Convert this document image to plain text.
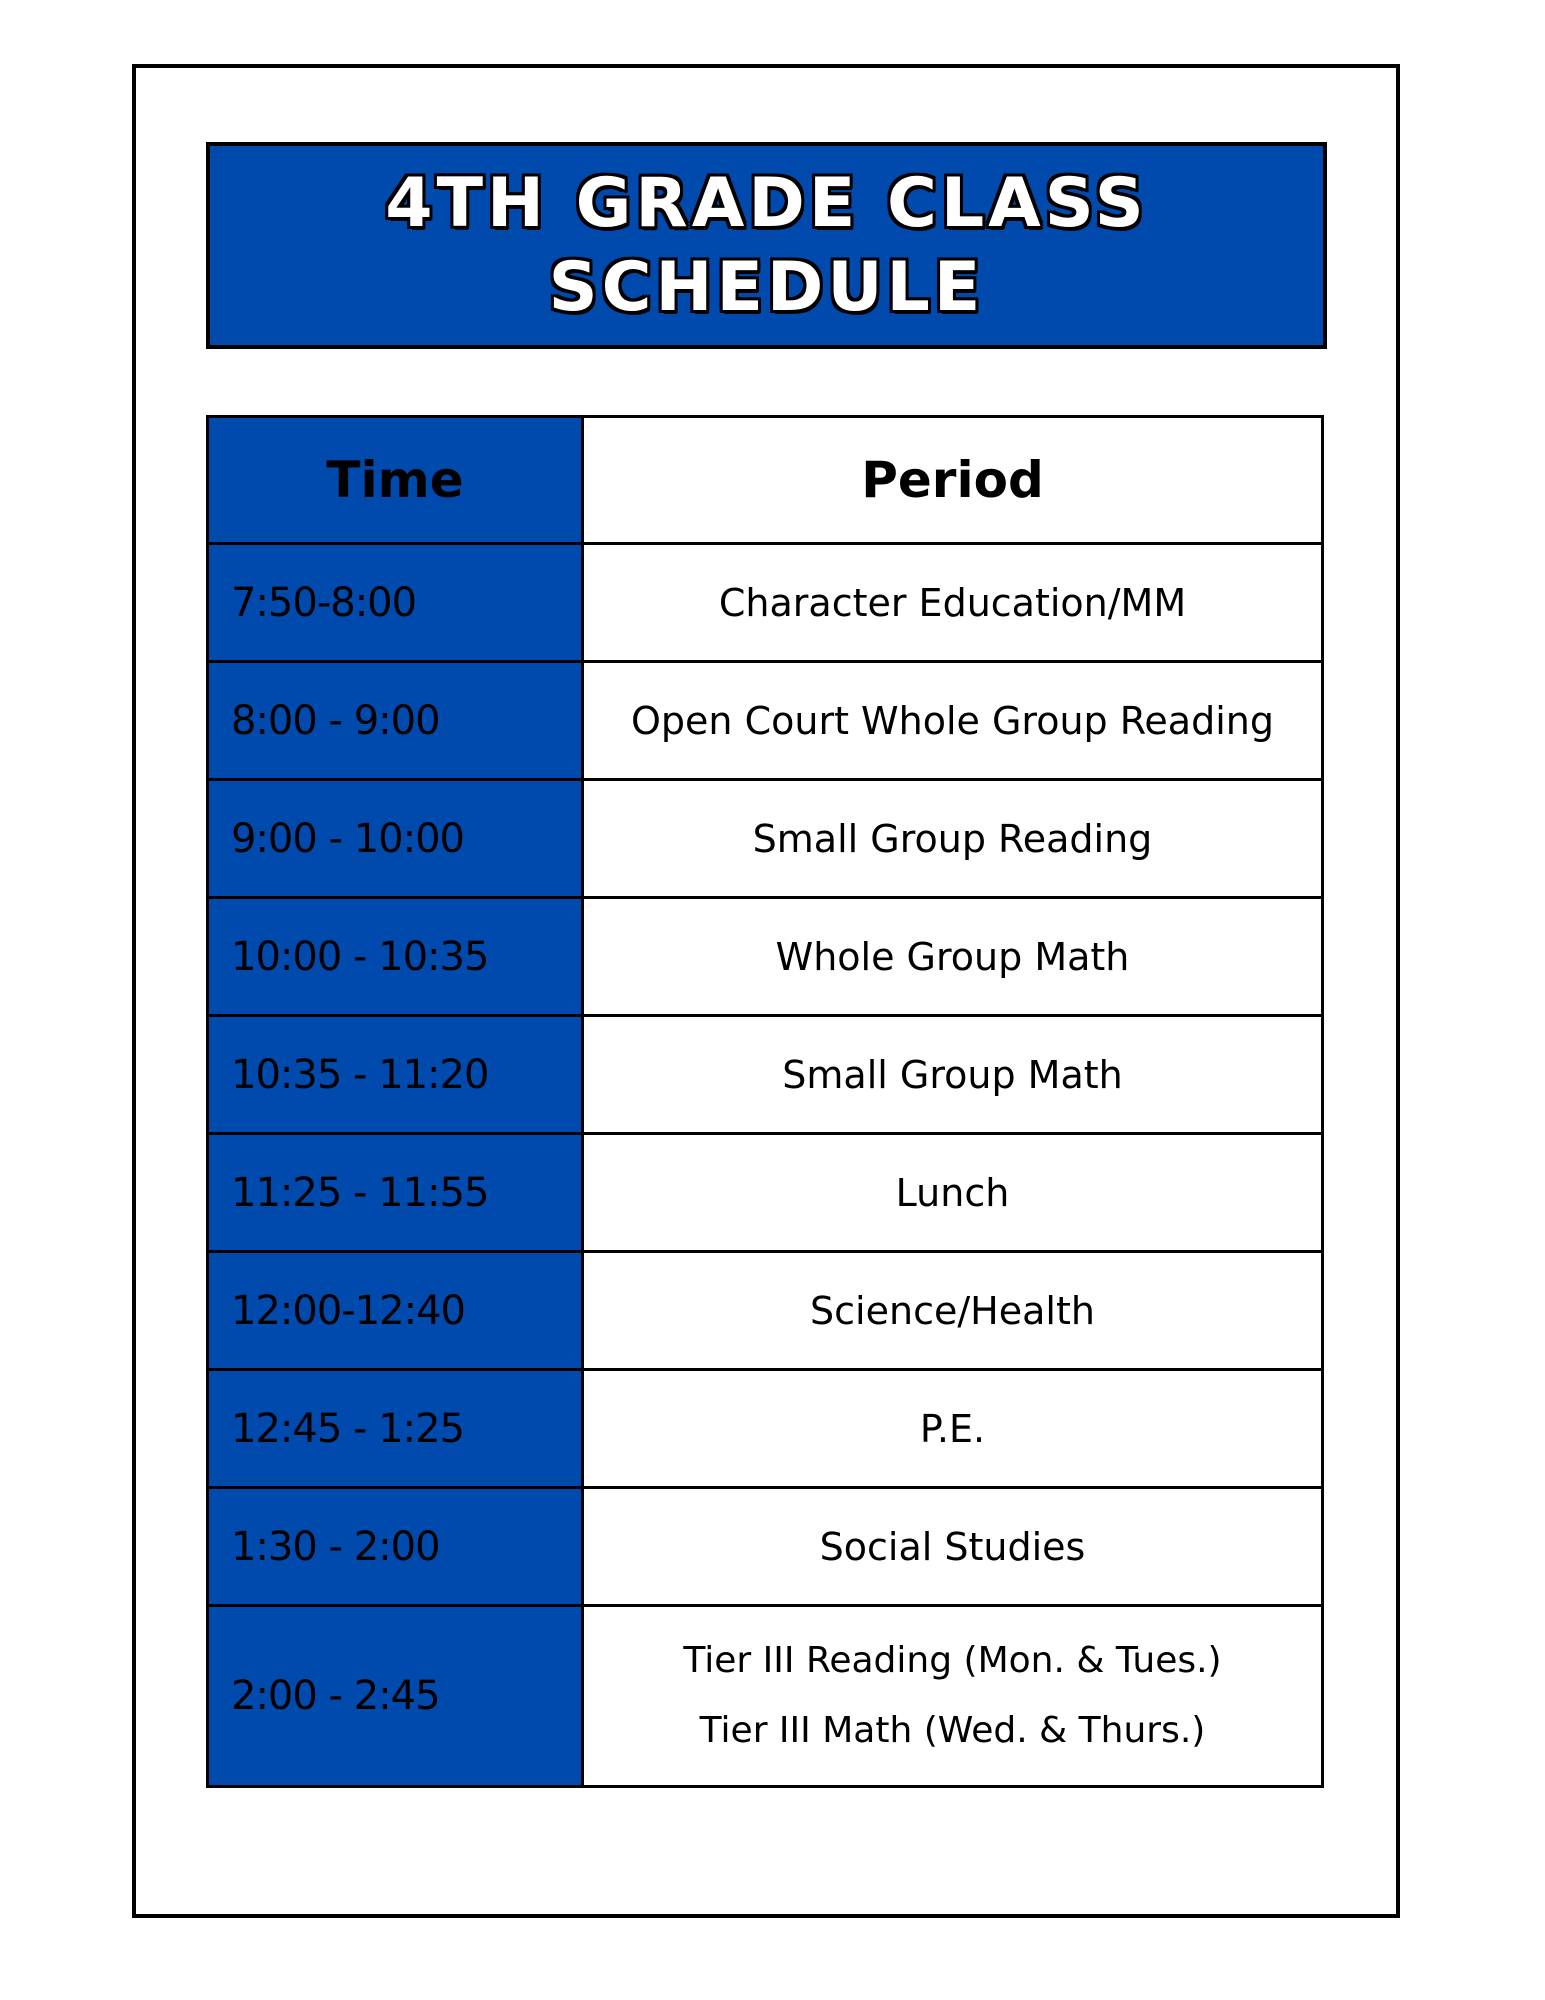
4TH GRADE CLASS
SCHEDULE
Time	Period
7:50-8:00	Character Education/MM
8:00 - 9:00	Open Court Whole Group Reading
9:00 - 10:00	Small Group Reading
10:00 - 10:35	Whole Group Math
10:35 - 11:20	Small Group Math
11:25 - 11:55	Lunch
12:00-12:40	Science/Health
12:45 - 1:25	P.E.
1:30 - 2:00	Social Studies
2:00 - 2:45	Tier III Reading (Mon. & Tues.)
Tier III Math (Wed. & Thurs.)
